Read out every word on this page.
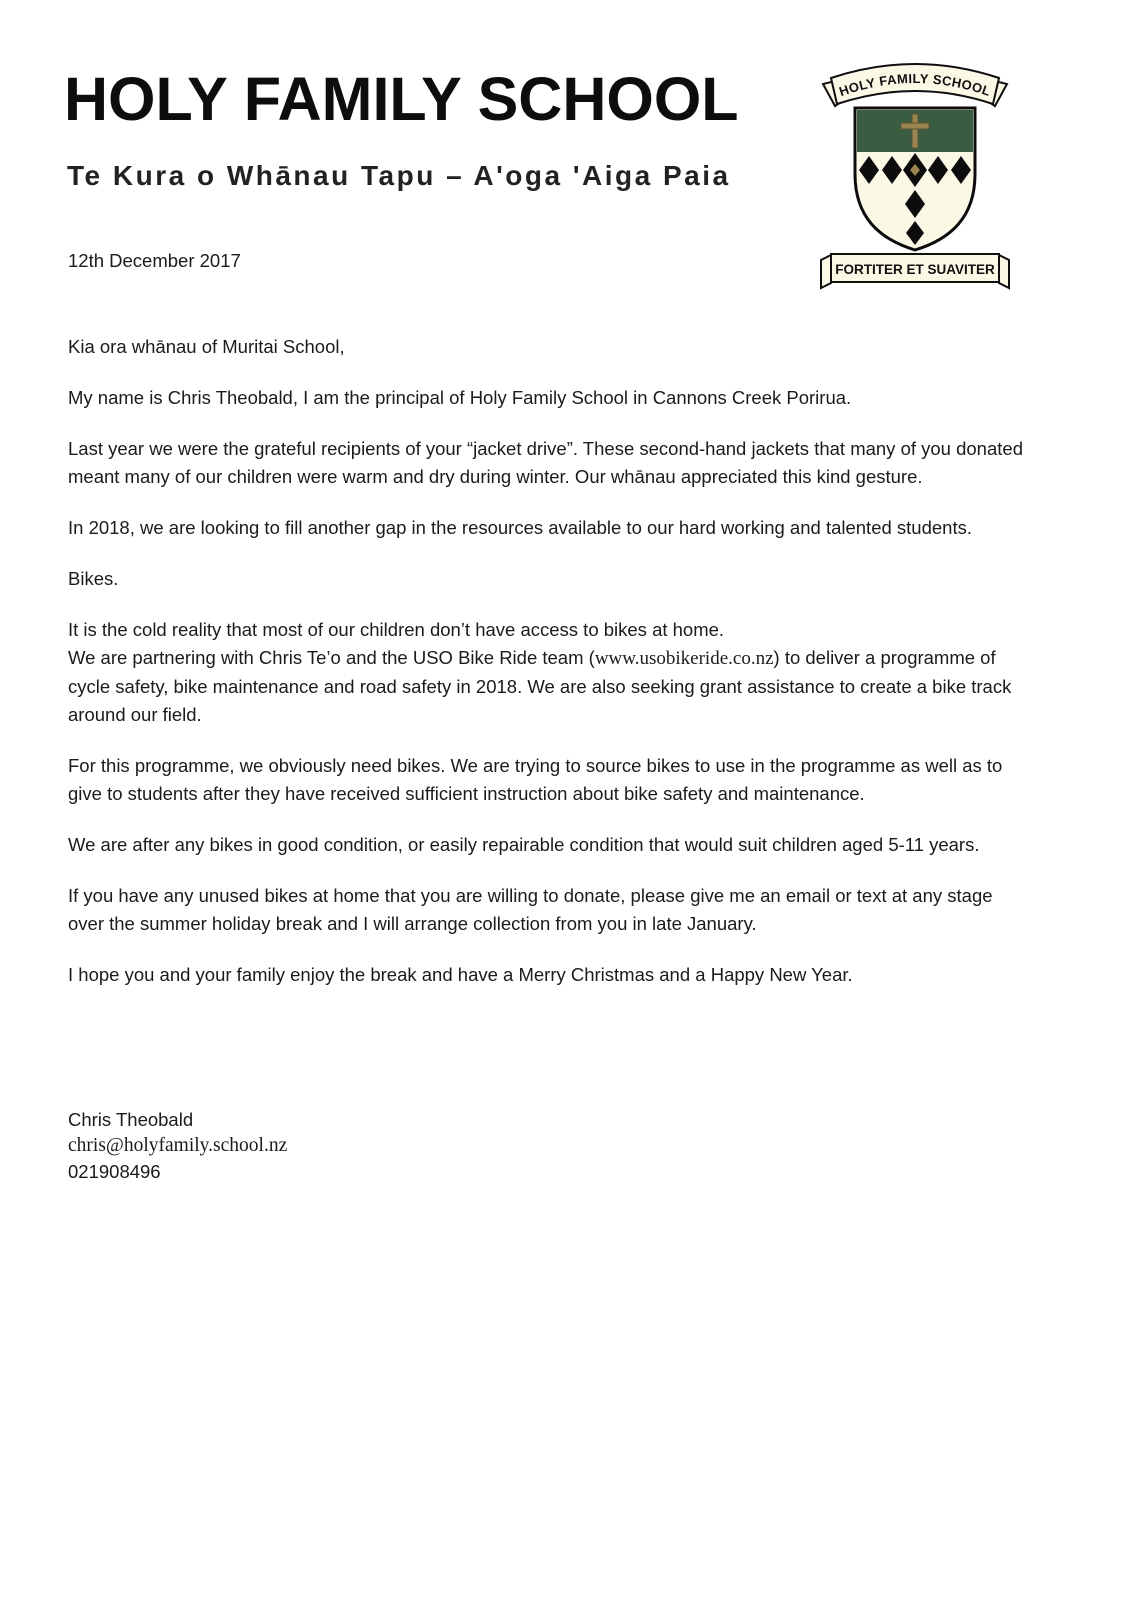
HOLY FAMILY SCHOOL
Te Kura o Whānau Tapu – A'oga 'Aiga Paia
HOLY FAMILY SCHOOL
FORTITER ET SUAVITER
12th December 2017

Kia ora whānau of Muritai School,

My name is Chris Theobald, I am the principal of Holy Family School in Cannons Creek Porirua.

Last year we were the grateful recipients of your “jacket drive”. These second-hand jackets that many of you donated meant many of our children were warm and dry during winter. Our whānau appreciated this kind gesture.

In 2018, we are looking to fill another gap in the resources available to our hard working and talented students.

Bikes.

It is the cold reality that most of our children don’t have access to bikes at home.
We are partnering with Chris Te’o and the USO Bike Ride team (www.usobikeride.co.nz) to deliver a programme of cycle safety, bike maintenance and road safety in 2018. We are also seeking grant assistance to create a bike track around our field.

For this programme, we obviously need bikes. We are trying to source bikes to use in the programme as well as to give to students after they have received sufficient instruction about bike safety and maintenance.

We are after any bikes in good condition, or easily repairable condition that would suit children aged 5-11 years.

If you have any unused bikes at home that you are willing to donate, please give me an email or text at any stage over the summer holiday break and I will arrange collection from you in late January.

I hope you and your family enjoy the break and have a Merry Christmas and a Happy New Year.

Chris Theobald
chris@holyfamily.school.nz
021908496
